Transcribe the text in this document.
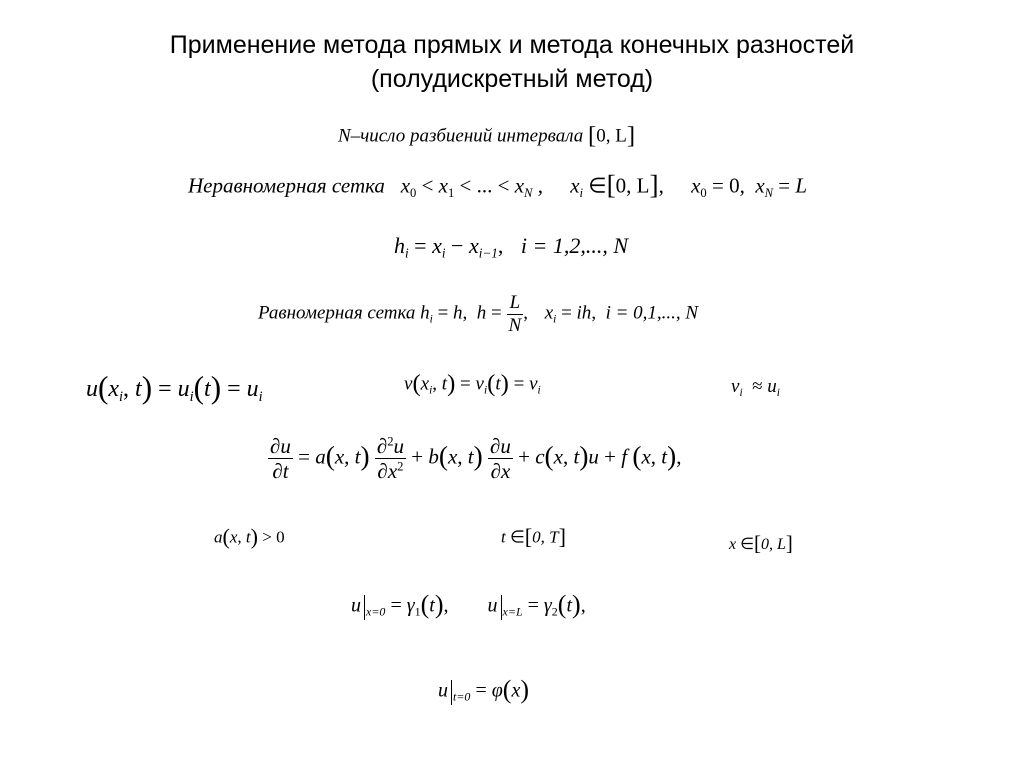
Применение метода прямых и метода конечных разностей
(полудискретный метод)
N–число разбиений интервала [0, L]
Неравномерная сетка $x_0 < x_1$ < ... < $x_N$ , $x_i$ ∈[0, L], $x_0 = 0$,  $x_N = L$
$h_i = x_i - x_{i-1}$, i = 1,2,..., N
Равномерная сетка $h_i = h$,  $h = \frac{L}{N}$ , $x_i$ = ih,  i = 0,1,..., N
$u(x_i$, $t) = u_i(t) = u_i$
$v(x_i$, $t) = v_i(t) = v_i$	$v_i \approx u_i$
$\frac{\partial u}{\partial t} = a(x$, $t) \frac{\partial^2u}{\partial x^2} + b(x$, $t) \frac{\partial u}{\partial x} + c(x$, t)u + f (x, t),
a(x, t) > 0	t ∈[0, T]	x ∈[0, L]
u $_{x=0} = \gamma_1(t)$, u $_{x=L} = \gamma_2(t)$,
u $_{t=0}$ = φ(x)
